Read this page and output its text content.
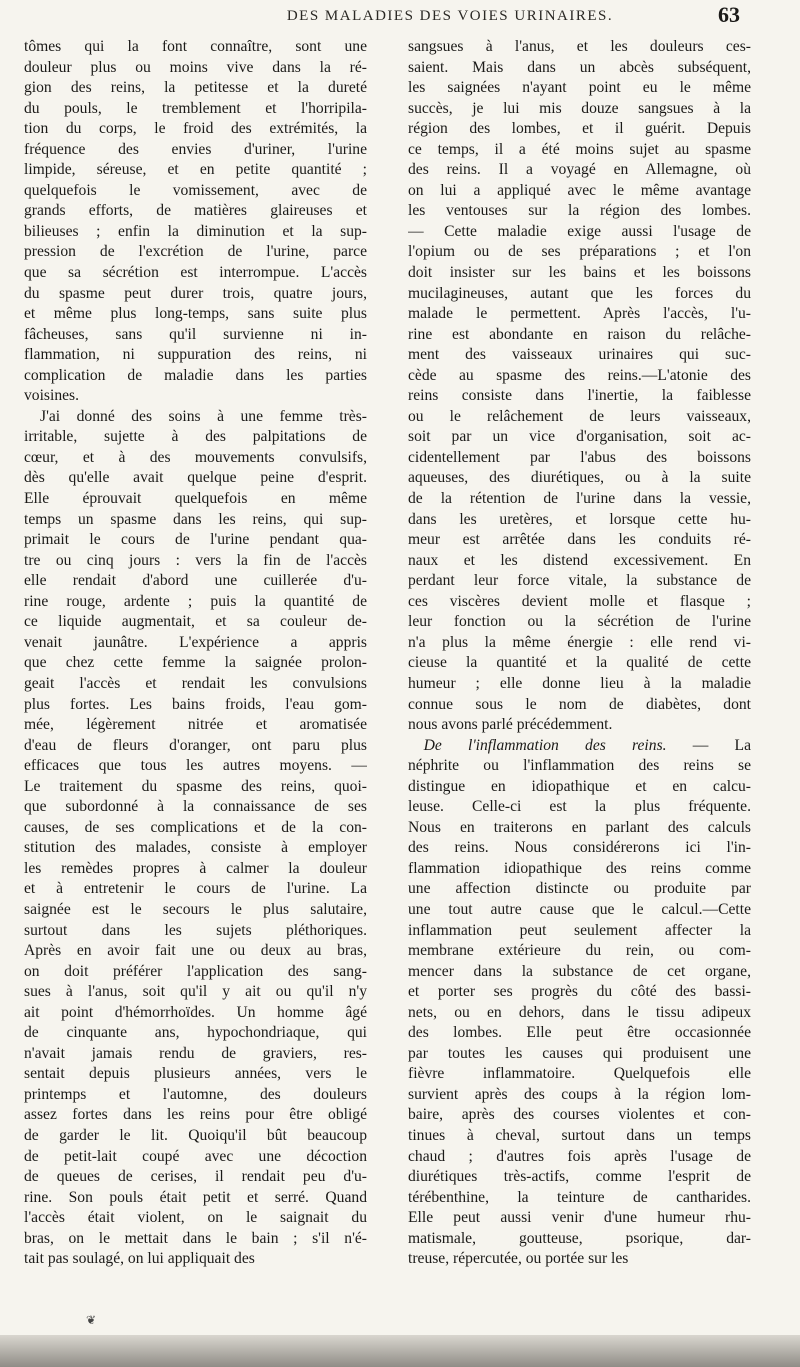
DES MALADIES DES VOIES URINAIRES.	63
tômes qui la font connaître, sont une
douleur plus ou moins vive dans la ré-
gion des reins, la petitesse et la dureté
du pouls, le tremblement et l'horripila-
tion du corps, le froid des extrémités, la
fréquence des envies d'uriner, l'urine
limpide, séreuse, et en petite quantité ;
quelquefois le vomissement, avec de
grands efforts, de matières glaireuses et
bilieuses ; enfin la diminution et la sup-
pression de l'excrétion de l'urine, parce
que sa sécrétion est interrompue. L'accès
du spasme peut durer trois, quatre jours,
et même plus long-temps, sans suite plus
fâcheuses, sans qu'il survienne ni in-
flammation, ni suppuration des reins, ni
complication de maladie dans les parties
voisines.
J'ai donné des soins à une femme très-
irritable, sujette à des palpitations de
cœur, et à des mouvements convulsifs,
dès qu'elle avait quelque peine d'esprit.
Elle éprouvait quelquefois en même
temps un spasme dans les reins, qui sup-
primait le cours de l'urine pendant qua-
tre ou cinq jours : vers la fin de l'accès
elle rendait d'abord une cuillerée d'u-
rine rouge, ardente ; puis la quantité de
ce liquide augmentait, et sa couleur de-
venait jaunâtre. L'expérience a appris
que chez cette femme la saignée prolon-
geait l'accès et rendait les convulsions
plus fortes. Les bains froids, l'eau gom-
mée, légèrement nitrée et aromatisée
d'eau de fleurs d'oranger, ont paru plus
efficaces que tous les autres moyens. —
Le traitement du spasme des reins, quoi-
que subordonné à la connaissance de ses
causes, de ses complications et de la con-
stitution des malades, consiste à employer
les remèdes propres à calmer la douleur
et à entretenir le cours de l'urine. La
saignée est le secours le plus salutaire,
surtout dans les sujets pléthoriques.
Après en avoir fait une ou deux au bras,
on doit préférer l'application des sang-
sues à l'anus, soit qu'il y ait ou qu'il n'y
ait point d'hémorrhoïdes. Un homme âgé
de cinquante ans, hypochondriaque, qui
n'avait jamais rendu de graviers, res-
sentait depuis plusieurs années, vers le
printemps et l'automne, des douleurs
assez fortes dans les reins pour être obligé
de garder le lit. Quoiqu'il bût beaucoup
de petit-lait coupé avec une décoction
de queues de cerises, il rendait peu d'u-
rine. Son pouls était petit et serré. Quand
l'accès était violent, on le saignait du
bras, on le mettait dans le bain ; s'il n'é-
tait pas soulagé, on lui appliquait des
sangsues à l'anus, et les douleurs ces-
saient. Mais dans un abcès subséquent,
les saignées n'ayant point eu le même
succès, je lui mis douze sangsues à la
région des lombes, et il guérit. Depuis
ce temps, il a été moins sujet au spasme
des reins. Il a voyagé en Allemagne, où
on lui a appliqué avec le même avantage
les ventouses sur la région des lombes.
— Cette maladie exige aussi l'usage de
l'opium ou de ses préparations ; et l'on
doit insister sur les bains et les boissons
mucilagineuses, autant que les forces du
malade le permettent. Après l'accès, l'u-
rine est abondante en raison du relâche-
ment des vaisseaux urinaires qui suc-
cède au spasme des reins.—L'atonie des
reins consiste dans l'inertie, la faiblesse
ou le relâchement de leurs vaisseaux,
soit par un vice d'organisation, soit ac-
cidentellement par l'abus des boissons
aqueuses, des diurétiques, ou à la suite
de la rétention de l'urine dans la vessie,
dans les uretères, et lorsque cette hu-
meur est arrêtée dans les conduits ré-
naux et les distend excessivement. En
perdant leur force vitale, la substance de
ces viscères devient molle et flasque ;
leur fonction ou la sécrétion de l'urine
n'a plus la même énergie : elle rend vi-
cieuse la quantité et la qualité de cette
humeur ; elle donne lieu à la maladie
connue sous le nom de diabètes, dont
nous avons parlé précédemment.
 De l'inflammation des reins. — La
néphrite ou l'inflammation des reins se
distingue en idiopathique et en calcu-
leuse. Celle-ci est la plus fréquente.
Nous en traiterons en parlant des calculs
des reins. Nous considérerons ici l'in-
flammation idiopathique des reins comme
une affection distincte ou produite par
une tout autre cause que le calcul.—Cette
inflammation peut seulement affecter la
membrane extérieure du rein, ou com-
mencer dans la substance de cet organe,
et porter ses progrès du côté des bassi-
nets, ou en dehors, dans le tissu adipeux
des lombes. Elle peut être occasionnée
par toutes les causes qui produisent une
fièvre inflammatoire. Quelquefois elle
survient après des coups à la région lom-
baire, après des courses violentes et con-
tinues à cheval, surtout dans un temps
chaud ; d'autres fois après l'usage de
diurétiques très-actifs, comme l'esprit de
térébenthine, la teinture de cantharides.
Elle peut aussi venir d'une humeur rhu-
matismale, goutteuse, psorique, dar-
treuse, répercutée, ou portée sur les
❦
